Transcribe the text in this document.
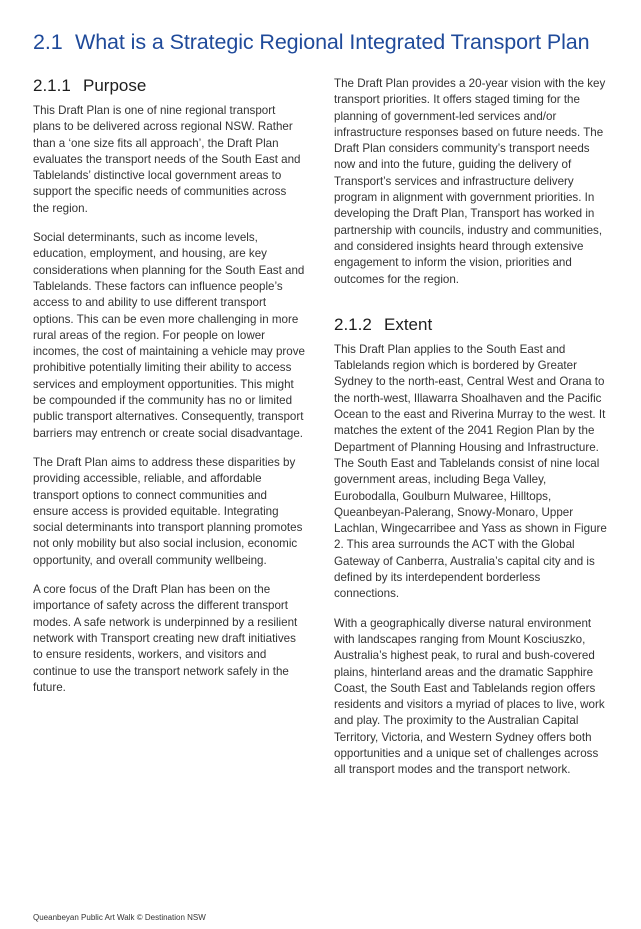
2.1 What is a Strategic Regional Integrated Transport Plan
2.1.1 Purpose

This Draft Plan is one of nine regional transport plans to be delivered across regional NSW. Rather than a ‘one size fits all approach’, the Draft Plan evaluates the transport needs of the South East and Tablelands’ distinctive local government areas to support the specific needs of communities across the region.

Social determinants, such as income levels, education, employment, and housing, are key considerations when planning for the South East and Tablelands. These factors can influence people’s access to and ability to use different transport options. This can be even more challenging in more rural areas of the region. For people on lower incomes, the cost of maintaining a vehicle may prove prohibitive potentially limiting their ability to access services and employment opportunities. This might be compounded if the community has no or limited public transport alternatives. Consequently, transport barriers may entrench or create social disadvantage.

The Draft Plan aims to address these disparities by providing accessible, reliable, and affordable transport options to connect communities and ensure access is provided equitable. Integrating social determinants into transport planning promotes not only mobility but also social inclusion, economic opportunity, and overall community wellbeing.

A core focus of the Draft Plan has been on the importance of safety across the different transport modes. A safe network is underpinned by a resilient network with Transport creating new draft initiatives to ensure residents, workers, and visitors and continue to use the transport network safely in the future.

The Draft Plan provides a 20-year vision with the key transport priorities. It offers staged timing for the planning of government-led services and/or infrastructure responses based on future needs. The Draft Plan considers community’s transport needs now and into the future, guiding the delivery of Transport’s services and infrastructure delivery program in alignment with government priorities. In developing the Draft Plan, Transport has worked in partnership with councils, industry and communities, and considered insights heard through extensive engagement to inform the vision, priorities and outcomes for the region.

2.1.2 Extent

This Draft Plan applies to the South East and Tablelands region which is bordered by Greater Sydney to the north-east, Central West and Orana to the north-west, Illawarra Shoalhaven and the Pacific Ocean to the east and Riverina Murray to the west. It matches the extent of the 2041 Region Plan by the Department of Planning Housing and Infrastructure. The South East and Tablelands consist of nine local government areas, including Bega Valley, Eurobodalla, Goulburn Mulwaree, Hilltops, Queanbeyan-Palerang, Snowy-Monaro, Upper Lachlan, Wingecarribee and Yass as shown in Figure 2. This area surrounds the ACT with the Global Gateway of Canberra, Australia’s capital city and is defined by its interdependent borderless connections.

With a geographically diverse natural environment with landscapes ranging from Mount Kosciuszko, Australia’s highest peak, to rural and bush-covered plains, hinterland areas and the dramatic Sapphire Coast, the South East and Tablelands region offers residents and visitors a myriad of places to live, work and play. The proximity to the Australian Capital Territory, Victoria, and Western Sydney offers both opportunities and a unique set of challenges across all transport modes and the transport network.

Queanbeyan Public Art Walk © Destination NSW
